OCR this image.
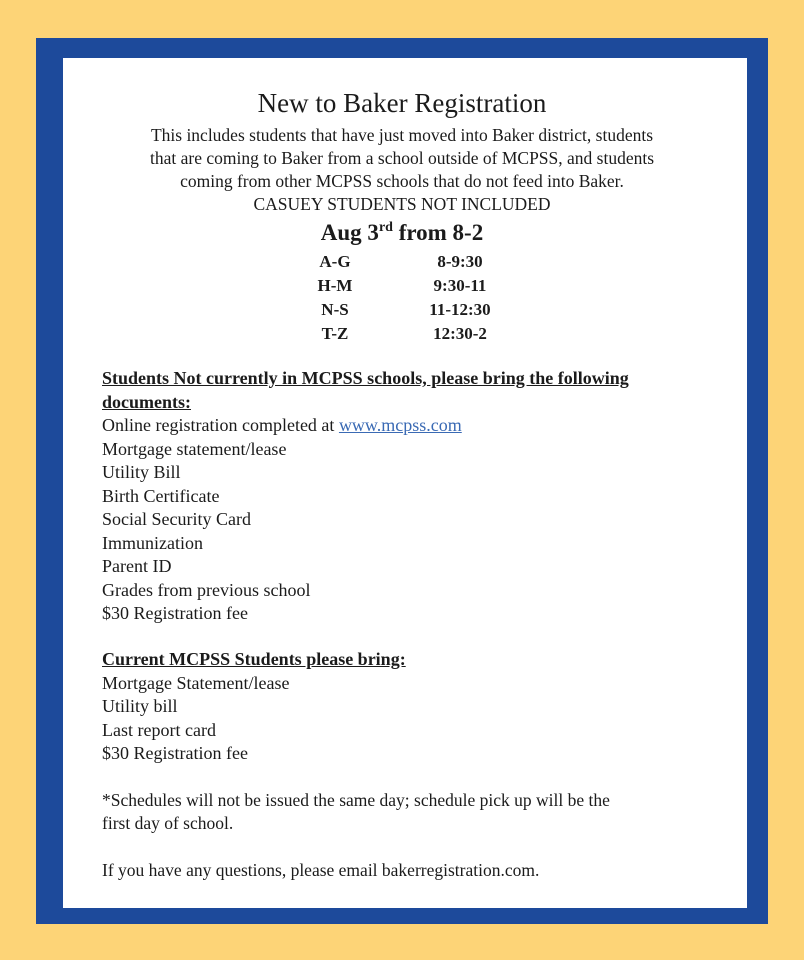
New to Baker Registration
This includes students that have just moved into Baker district, students
that are coming to Baker from a school outside of MCPSS, and students
coming from other MCPSS schools that do not feed into Baker.
CASUEY STUDENTS NOT INCLUDED
Aug 3rd from 8-2
A-G	8-9:30
H-M	9:30-11
N-S	11-12:30
T-Z	12:30-2
Students Not currently in MCPSS schools, please bring the following
documents:
Online registration completed at www.mcpss.com
Mortgage statement/lease
Utility Bill
Birth Certificate
Social Security Card
Immunization
Parent ID
Grades from previous school
$30 Registration fee
Current MCPSS Students please bring:
Mortgage Statement/lease
Utility bill
Last report card
$30 Registration fee
*Schedules will not be issued the same day; schedule pick up will be the
first day of school.
If you have any questions, please email bakerregistration.com.
